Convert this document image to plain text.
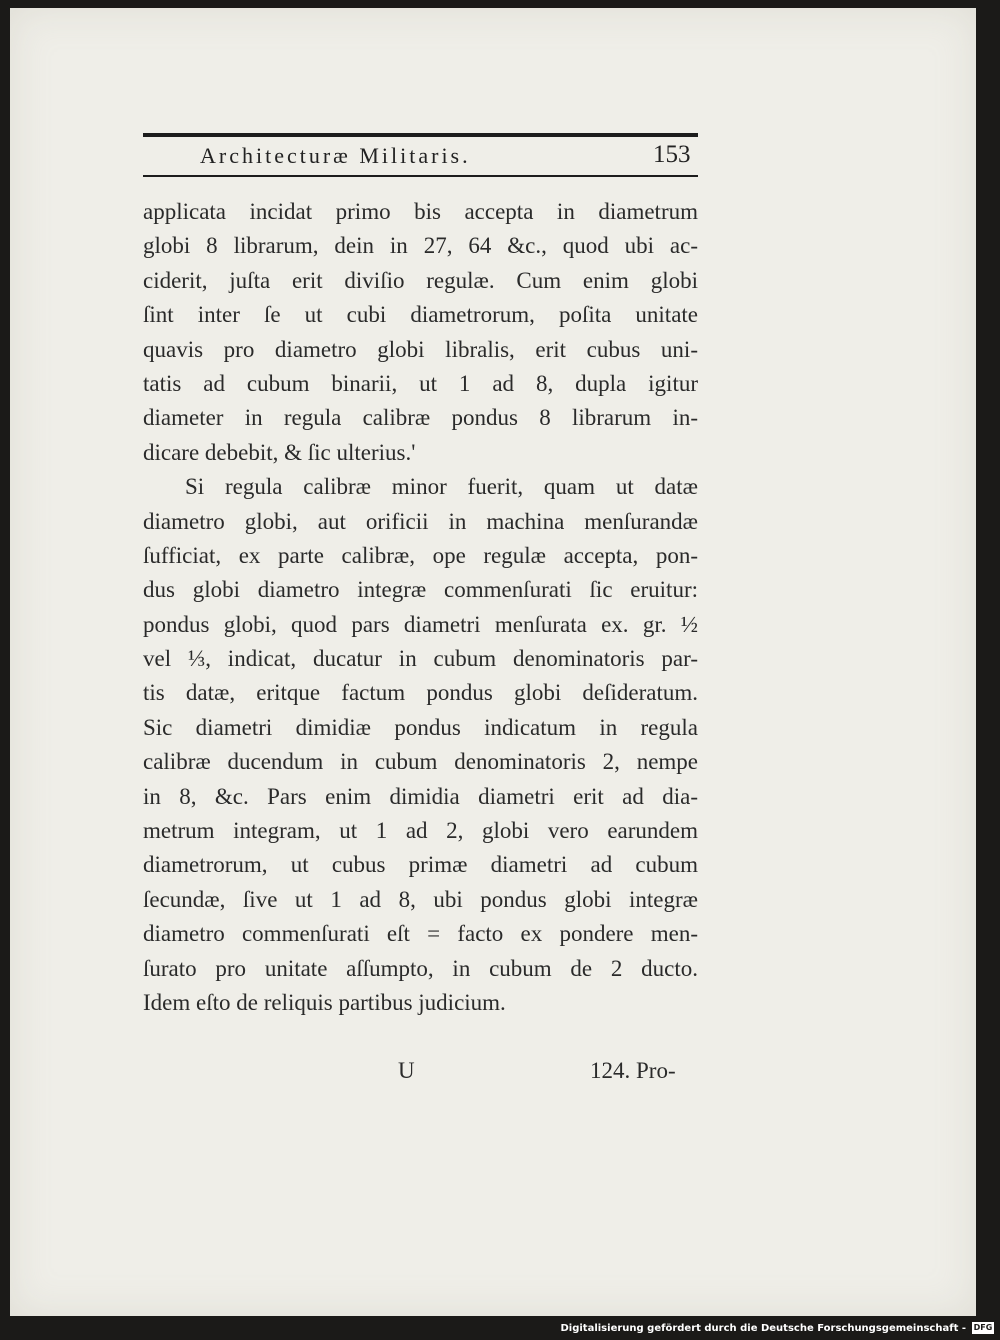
Architecturæ Militaris.	153
applicata incidat primo bis accepta in diametrum
globi 8 librarum, dein in 27, 64 &c., quod ubi ac-
ciderit, juſta erit diviſio regulæ. Cum enim globi
ſint inter ſe ut cubi diametrorum, poſita unitate
quavis pro diametro globi libralis, erit cubus uni-
tatis ad cubum binarii, ut 1 ad 8, dupla igitur
diameter in regula calibræ pondus 8 librarum in-
dicare debebit, & ſic ulterius.'
Si regula calibræ minor fuerit, quam ut datæ
diametro globi, aut orificii in machina menſurandæ
ſufficiat, ex parte calibræ, ope regulæ accepta, pon-
dus globi diametro integræ commenſurati ſic eruitur:
pondus globi, quod pars diametri menſurata ex. gr. ½
vel ⅓, indicat, ducatur in cubum denominatoris par-
tis datæ, eritque factum pondus globi deſideratum.
Sic diametri dimidiæ pondus indicatum in regula
calibræ ducendum in cubum denominatoris 2, nempe
in 8, &c. Pars enim dimidia diametri erit ad dia-
metrum integram, ut 1 ad 2, globi vero earundem
diametrorum, ut cubus primæ diametri ad cubum
ſecundæ, ſive ut 1 ad 8, ubi pondus globi integræ
diametro commenſurati eſt = facto ex pondere men-
ſurato pro unitate aſſumpto, in cubum de 2 ducto.
Idem eſto de reliquis partibus judicium.
U	124. Pro-
Digitalisierung gefördert durch die Deutsche Forschungsgemeinschaft - DFG
